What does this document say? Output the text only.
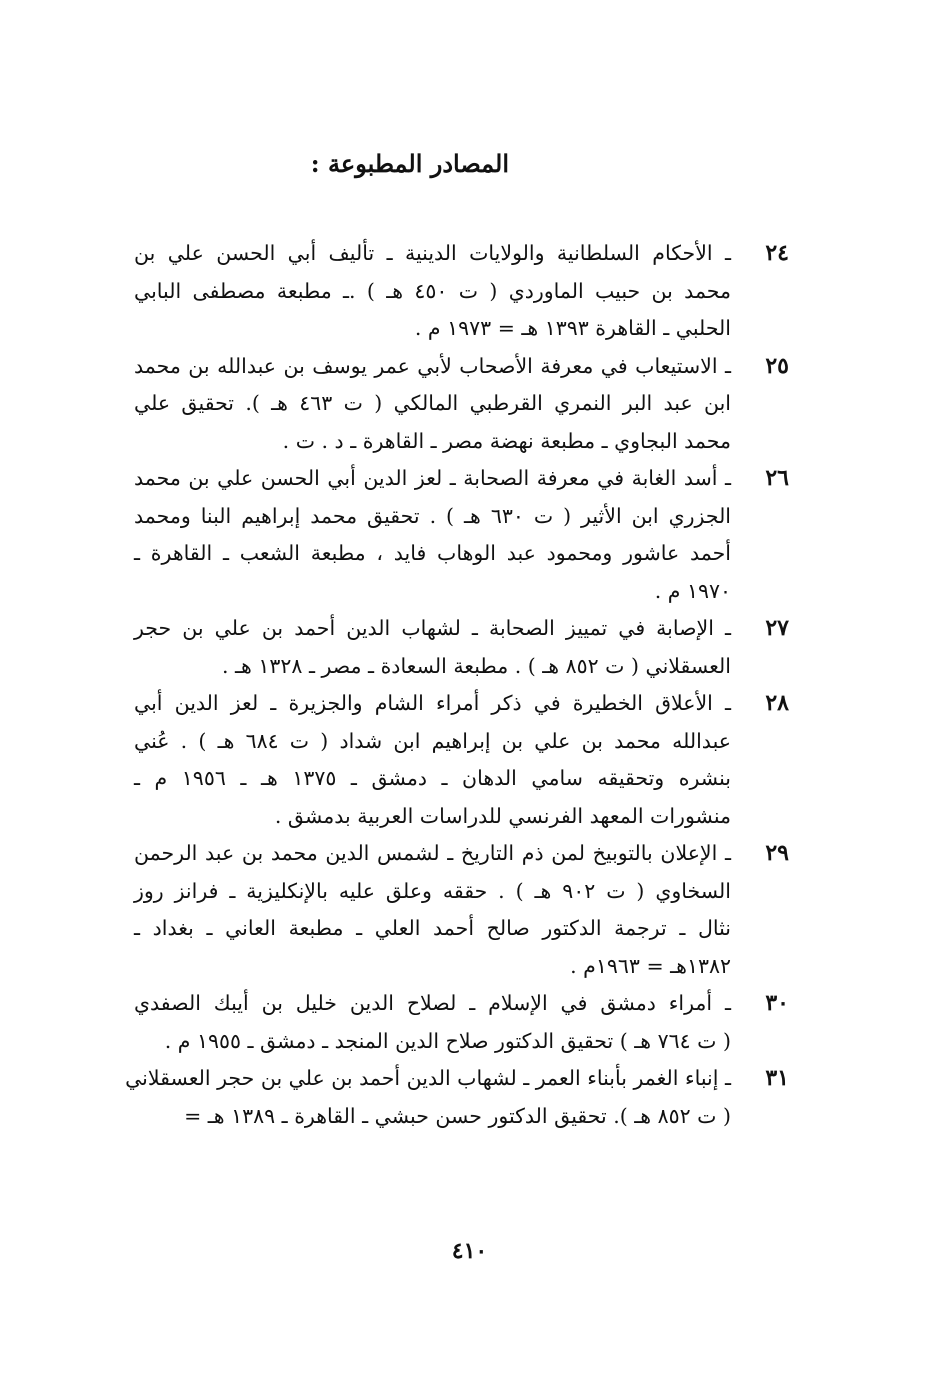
المصادر المطبوعة :
٢٤
ـ الأحكام السلطانية والولايات الدينية ـ تأليف أبي الحسن علي بن
محمد بن حبيب الماوردي ( ت ٤٥٠ هـ ) .ـ مطبعة مصطفى البابي
الحلبي ـ القاهرة ١٣٩٣ هـ = ١٩٧٣ م .
٢٥
ـ الاستيعاب في معرفة الأصحاب لأبي عمر يوسف بن عبدالله بن محمد
ابن عبد البر النمري القرطبي المالكي ( ت ٤٦٣ هـ ). تحقيق علي
محمد البجاوي ـ مطبعة نهضة مصر ـ القاهرة ـ د . ت .
٢٦
ـ أسد الغابة في معرفة الصحابة ـ لعز الدين أبي الحسن علي بن محمد
الجزري ابن الأثير ( ت ٦٣٠ هـ ) . تحقيق محمد إبراهيم البنا ومحمد
أحمد عاشور ومحمود عبد الوهاب فايد ، مطبعة الشعب ـ القاهرة ـ
١٩٧٠ م .
٢٧
ـ الإصابة في تمييز الصحابة ـ لشهاب الدين أحمد بن علي بن حجر
العسقلاني ( ت ٨٥٢ هـ ) . مطبعة السعادة ـ مصر ـ ١٣٢٨ هـ .
٢٨
ـ الأعلاق الخطيرة في ذكر أمراء الشام والجزيرة ـ لعز الدين أبي
عبدالله محمد بن علي بن إبراهيم ابن شداد ( ت ٦٨٤ هـ ) . عُني
بنشره وتحقيقه سامي الدهان ـ دمشق ـ ١٣٧٥ هـ ـ ١٩٥٦ م ـ
منشورات المعهد الفرنسي للدراسات العربية بدمشق .
٢٩
ـ الإعلان بالتوبيخ لمن ذم التاريخ ـ لشمس الدين محمد بن عبد الرحمن
السخاوي ( ت ٩٠٢ هـ ) . حققه وعلق عليه بالإنكليزية ـ فرانز روز
نثال ـ ترجمة الدكتور صالح أحمد العلي ـ مطبعة العاني ـ بغداد ـ
١٣٨٢هـ = ١٩٦٣م .
٣٠
ـ أمراء دمشق في الإسلام ـ لصلاح الدين خليل بن أيبك الصفدي
( ت ٧٦٤ هـ ) تحقيق الدكتور صلاح الدين المنجد ـ دمشق ـ ١٩٥٥ م .
٣١
ـ إنباء الغمر بأبناء العمر ـ لشهاب الدين أحمد بن علي بن حجر العسقلاني
( ت ٨٥٢ هـ ). تحقيق الدكتور حسن حبشي ـ القاهرة ـ ١٣٨٩ هـ =
٤١٠
